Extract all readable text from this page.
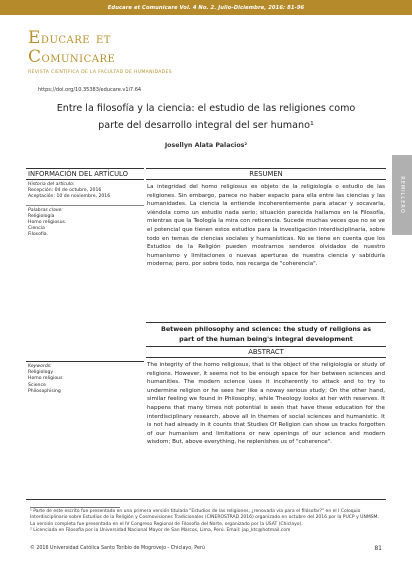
Educare et Comunicare Vol. 4 No. 2. Julio-Diciembre, 2016: 81-96
EDUCARE ET
COMUNICARE
REVISTA CIENTÍFICA DE LA FACULTAD DE HUMANIDADES
https://doi.org/10.35383/educare.v1i7.64
Entre la filosofía y la ciencia: el estudio de las religiones como
parte del desarrollo integral del ser humano¹
Josellyn Alata Palacios²
REMILLERO
INFORMACIÓN DEL ARTÍCULO
Historia del artículo:
Recepción: 04 de octubre, 2016
Aceptación: 10 de noviembre, 2016
Palabras clave:
Religiología
Homo religiosus.
Ciencia
Filosofía.
RESUMEN
La integridad del homo religiosus es objeto de la religiología o estudio de las religiones. Sin embargo, parece no haber espacio para ella entre las ciencias y las humanidades. La ciencia la entiende incoherentemente para atacar y socavarla, viéndola como un estudio nada serio; situación parecida hallamos en la Filosofía, mientras que la Teología la mira con reticencia. Sucede muchas veces que no se ve el potencial que tienen estos estudios para la investigación interdisciplinaria, sobre todo en temas de ciencias sociales y humanísticas. No se tiene en cuenta que los Estudios de la Religión pueden mostrarnos senderos olvidados de nuestro humanismo y limitaciones o nuevas aperturas de nuestra ciencia y sabiduría moderna; pero, por sobre todo, nos recarga de "coherencia".
Between philosophy and science: the study of religions as
part of the human being's integral development
ABSTRACT
The integrity of the homo religiosus, that is the object of the religiologia or study of religions. However, it seems not to be enough space for her between sciences and humanities. The modern science uses it incoherently to attack and to try to undermine religion or he sees her like a noway serious study; On the other hand, similar feeling we found in Philosophy, while Theology looks at her with reserves. It happens that many times not potential is seen that have these education for the interdisciplinary research, above all in themes of social sciences and humanistic. It is not had already in it counts that Studies Of Religion can show us tracks forgotten of our humanism and limitations or new openings of our science and modern wisdom; But, above everything, he replenishes us of "coherence".
Keywords:
Religiology
Homo religious
Science
Philosophising
¹ Parte de este escrito fue presentado en una primera versión titulada "Estudios de las religiones, ¿renovada vía para el filósofar?" en el I Coloquio Interdisciplinario sobre Estudios de la Religión y Cosmovisiones Tradicionales (CINEROSTRAD 2016) organizado en octubre del 2016 por la PUCP y UNMSM. La versión completa fue presentada en el IV Congreso Regional de Filosofía del Norte, organizado por la USAT (Chiclayo).
² Licenciada en Filosofía por la Universidad Nacional Mayor de San Marcos, Lima, Perú. Email: jap_ktc@hotmail.com
© 2016 Universidad Católica Santo Toribio de Mogrovejo - Chiclayo, Perú	81
